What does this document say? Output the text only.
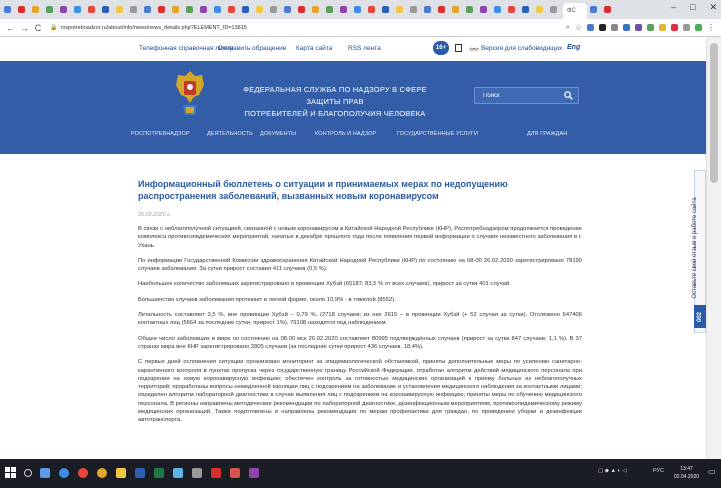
ФС	– □ ✕
← → C 🔒 rospotrebnadzor.ru/about/info/news/news_details.php?ELEMENT_ID=13815	⌕ ☆	⋮
Телефонная справочная линия
Отправить обращение Карта сайта RSS лента	16+	👓 Версия для слабовидящих Eng
ФЕДЕРАЛЬНАЯ СЛУЖБА ПО НАДЗОРУ В СФЕРЕ ЗАЩИТЫ ПРАВ
ПОТРЕБИТЕЛЕЙ И БЛАГОПОЛУЧИЯ ЧЕЛОВЕКА
Поиск
РОСПОТРЕБНАДЗОР	ДЕЯТЕЛЬНОСТЬ ДОКУМЕНТЫ	КОНТРОЛЬ И НАДЗОР	ГОСУДАРСТВЕННЫЕ УСЛУГИ	ДЛЯ ГРАЖДАН
Информационный бюллетень о ситуации и принимаемых мерах по недопущению распространения заболеваний, вызванных новым коронавирусом
26.02.2020 г.
В связи с неблагополучной ситуацией, связанной с новым коронавирусом в Китайской Народной Республике (КНР), Роспотребнадзором продолжается проведение комплекса противоэпидемических мероприятий, начатых в декабре прошлого года после появления первой информации о случаях неизвестного заболевания в г. Ухань.
По информации Государственной Комиссии здравоохранения Китайской Народной Республики (КНР) по состоянию на 08-00 26.02.2020 зарегистрировано 78190 случаев заболевания. За сутки прирост составил 411 случаев (0,5 %).
Наибольшее количество заболевших зарегистрировано в провинции Хубэй (65187; 83,5 % от всех случаев), прирост за сутки 401 случай.
Большинство случаев заболевания протекает в легкой форме, около 10,9% - в тяжелой (8552).
Летальность составляет 3,5 %, вне провинции Хубэй – 0,79 %, (2718 случаев; из них 2615 – в провинции Хубэй (+ 52 случая за сутки). Отслежено 647406 контактных лиц (5664 за последние сутки, прирост 1%), 79108 находятся под наблюдением.
Общее число заболевших в мире по состоянию на 08.00 мск 26.02.2020 составляет 80995 подтверждённых случаев (прирост за сутки 847 случаев; 1,1 %). В 37 странах мира вне КНР зарегистрировано 2805 случаев (за последние сутки прирост 436 случаев, 18,4%).
С первых дней осложнения ситуации организован мониторинг за эпидемиологической обстановкой, приняты дополнительные меры по усилению санитарно-карантинного контроля в пунктах пропуска через государственную границу Российской Федерации, отработан алгоритм действий медицинского персонала при подозрении на новую коронавирусную инфекцию; обеспечен контроль за готовностью медицинских организаций к приему больных из неблагополучных территорий; проработаны вопросы немедленной изоляции лиц с подозрением на заболевание и установления медицинского наблюдения за контактными лицами; определен алгоритм лабораторной диагностики в случае выявления лиц с подозрением на коронавирусную инфекцию; приняты меры по обучению медицинского персонала. В регионы направлены методические рекомендации по лабораторной диагностике, дезинфекционным мероприятиям, противоэпидемическому режиму медицинских организаций. Также подготовлены и направлены рекомендации по мерам профилактики для граждан, по проведению уборки и дезинфекции автотранспорта.
Оставьте свой отзыв о работе сайта
002
▢ ◆ ▲ ◐ ◁	РУС	13:47
02.04.2020
▭
